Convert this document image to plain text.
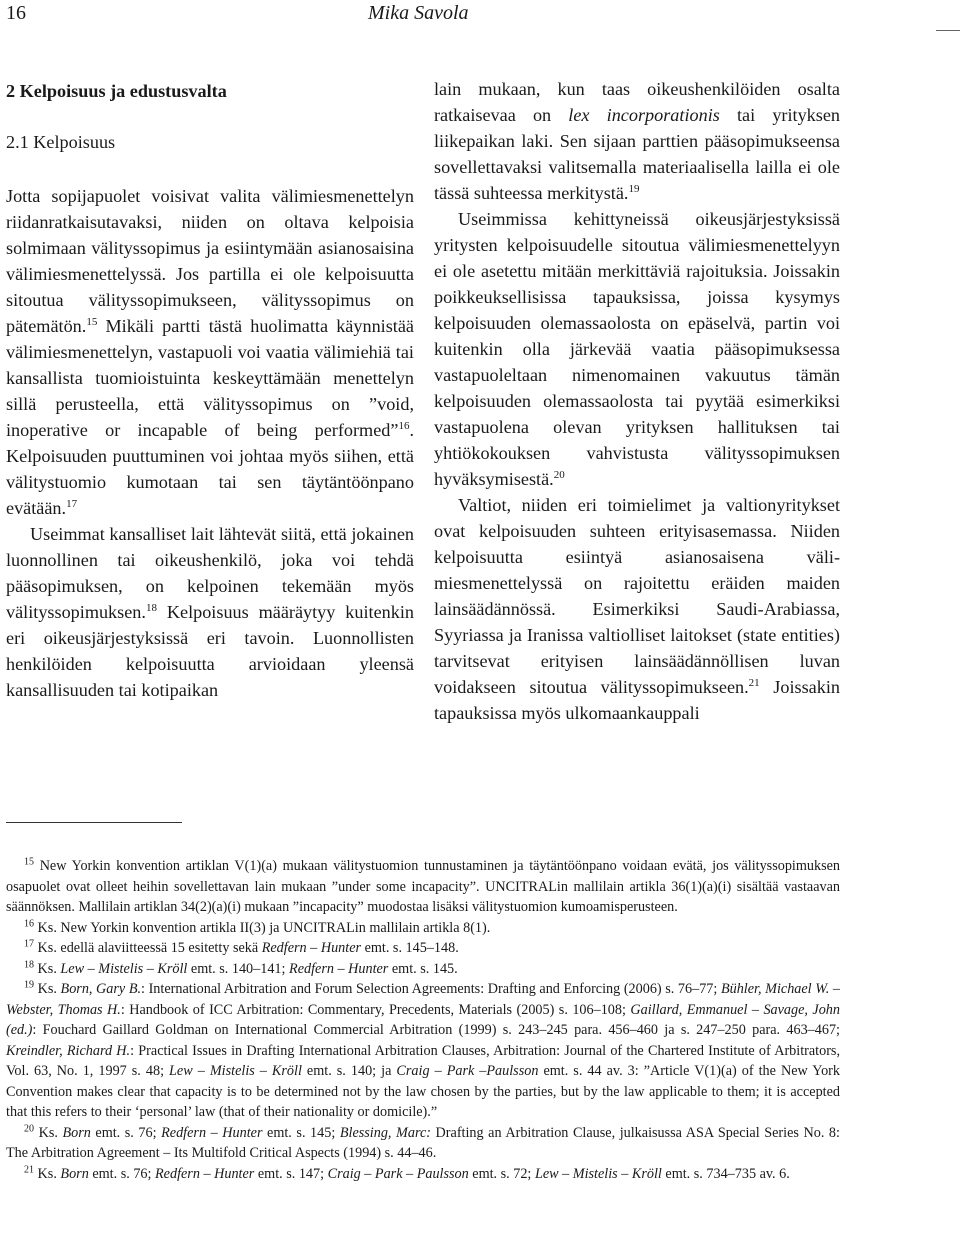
16	Mika Savola

2 Kelpoisuus ja edustusvalta

2.1 Kelpoisuus

Jotta sopijapuolet voisivat valita välimiesmenettelyn riidanratkaisutavaksi, niiden on oltava kelpoisia solmimaan välityssopimus ja esiintymään asianosaisina välimiesmenettelyssä. Jos partilla ei ole kelpoisuutta sitoutua välityssopimukseen, välityssopimus on pätemätön.$^{15}$ Mikäli partti tästä huolimatta käynnistää välimiesmenettelyn, vastapuoli voi vaatia välimiehiä tai kansallista tuomioistuinta keskeyttämään menettelyn sillä perusteella, että välityssopimus on ”void, inoperative or incapable of being performed”$^{16}$. Kelpoisuuden puuttuminen voi johtaa myös siihen, että välitystuomio kumotaan tai sen täytäntöönpano evätään.$^{17}$

Useimmat kansalliset lait lähtevät siitä, että jokainen luonnollinen tai oikeushenkilö, joka voi tehdä pääsopimuksen, on kelpoinen tekemään myös välityssopimuksen.$^{18}$ Kelpoisuus määräytyy kuitenkin eri oikeusjärjestyksissä eri tavoin. Luonnollisten henkilöiden kelpoisuutta arvioidaan yleensä kansallisuuden tai kotipaikan

lain mukaan, kun taas oikeushenkilöiden osalta ratkaisevaa on lex incorporationis tai yrityksen liikepaikan laki. Sen sijaan parttien pääsopimukseensa sovellettavaksi valitsemalla materiaalisella lailla ei ole tässä suhteessa merkitystä.$^{19}$

Useimmissa kehittyneissä oikeusjärjestyksissä yritysten kelpoisuudelle sitoutua välimiesmenettelyyn ei ole asetettu mitään merkittäviä rajoituksia. Joissakin poikkeuksellisissa tapauksissa, joissa kysymys kelpoisuuden olemassaolosta on epäselvä, partin voi kuitenkin olla järkevää vaatia pääsopimuksessa vastapuoleltaan nimenomainen vakuutus tämän kelpoisuuden olemassaolosta tai pyytää esimerkiksi vastapuolena olevan yrityksen hallituksen tai yhtiökokouksen vahvistusta välityssopimuksen hyväksymisestä.$^{20}$

Valtiot, niiden eri toimielimet ja valtionyritykset ovat kelpoisuuden suhteen erityisasemassa. Niiden kelpoisuutta esiintyä asianosaisena välimiesmenettelyssä on rajoitettu eräiden maiden lainsäädännössä. Esimerkiksi Saudi-Arabiassa, Syyriassa ja Iranissa valtiolliset laitokset (state entities) tarvitsevat erityisen lainsäädännöllisen luvan voidakseen sitoutua välityssopimukseen.$^{21}$ Joissakin tapauksissa myös ulkomaankauppali

$^{15}$ New Yorkin konvention artiklan V(1)(a) mukaan välitystuomion tunnustaminen ja täytäntöönpano voidaan evätä, jos välityssopimuksen osapuolet ovat olleet heihin sovellettavan lain mukaan ”under some incapacity”. UNCITRALin mallilain artikla 36(1)(a)(i) sisältää vastaavan säännöksen. Mallilain artiklan 34(2)(a)(i) mukaan ”incapacity” muodostaa lisäksi välitystuomion kumoamisperusteen.

$^{16}$ Ks. New Yorkin konvention artikla II(3) ja UNCITRALin mallilain artikla 8(1).

$^{17}$ Ks. edellä alaviitteessä 15 esitetty sekä Redfern – Hunter emt. s. 145–148.

$^{18}$ Ks. Lew – Mistelis – Kröll emt. s. 140–141; Redfern – Hunter emt. s. 145.

$^{19}$ Ks. Born, Gary B.: International Arbitration and Forum Selection Agreements: Drafting and Enforcing (2006) s. 76–77; Bühler, Michael W. – Webster, Thomas H.: Handbook of ICC Arbitration: Commentary, Precedents, Materials (2005) s. 106–108; Gaillard, Emmanuel – Savage, John (ed.): Fouchard Gaillard Goldman on International Commercial Arbitration (1999) s. 243–245 para. 456–460 ja s. 247–250 para. 463–467; Kreindler, Richard H.: Practical Issues in Drafting International Arbitration Clauses, Arbitration: Journal of the Chartered Institute of Arbitrators, Vol. 63, No. 1, 1997 s. 48; Lew – Mistelis – Kröll emt. s. 140; ja Craig – Park –Paulsson emt. s. 44 av. 3: ”Article V(1)(a) of the New York Convention makes clear that capacity is to be determined not by the law chosen by the parties, but by the law applicable to them; it is accepted that this refers to their ‘personal’ law (that of their nationality or domicile).”

$^{20}$ Ks. Born emt. s. 76; Redfern – Hunter emt. s. 145; Blessing, Marc: Drafting an Arbitration Clause, julkaisussa ASA Special Series No. 8: The Arbitration Agreement – Its Multifold Critical Aspects (1994) s. 44–46.

$^{21}$ Ks. Born emt. s. 76; Redfern – Hunter emt. s. 147; Craig – Park – Paulsson emt. s. 72; Lew – Mistelis – Kröll emt. s. 734–735 av. 6.
